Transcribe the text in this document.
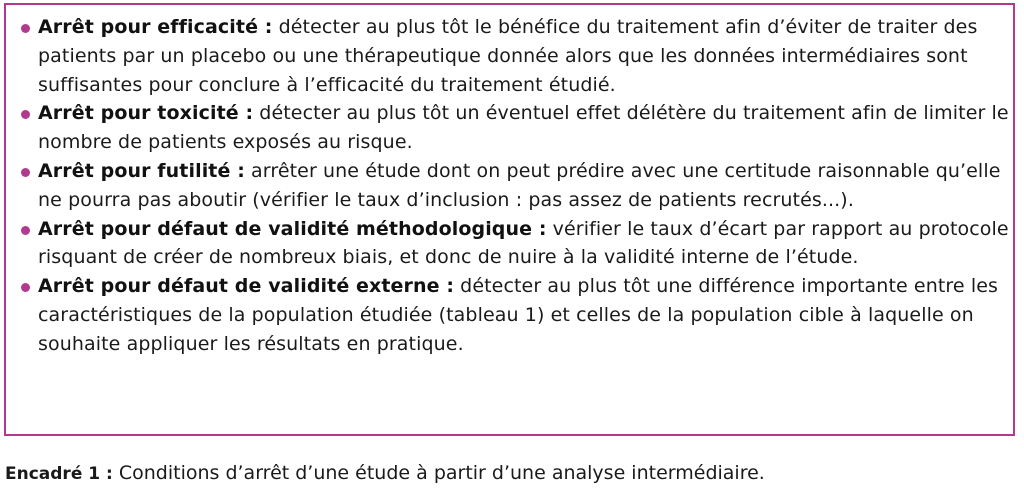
Arrêt pour efficacité : détecter au plus tôt le bénéfice du traitement afin d’éviter de traiter des patients par un placebo ou une thérapeutique donnée alors que les données intermédiaires sont suffisantes pour conclure à l’efficacité du traitement étudié.
Arrêt pour toxicité : détecter au plus tôt un éventuel effet délétère du traitement afin de limiter le nombre de patients exposés au risque.
Arrêt pour futilité : arrêter une étude dont on peut prédire avec une certitude raisonnable qu’elle ne pourra pas aboutir (vérifier le taux d’inclusion : pas assez de patients recrutés...).
Arrêt pour défaut de validité méthodologique : vérifier le taux d’écart par rapport au protocole risquant de créer de nombreux biais, et donc de nuire à la validité interne de l’étude.
Arrêt pour défaut de validité externe : détecter au plus tôt une différence importante entre les caractéristiques de la population étudiée (tableau 1) et celles de la population cible à laquelle on souhaite appliquer les résultats en pratique.
Encadré 1 : Conditions d’arrêt d’une étude à partir d’une analyse intermédiaire.
